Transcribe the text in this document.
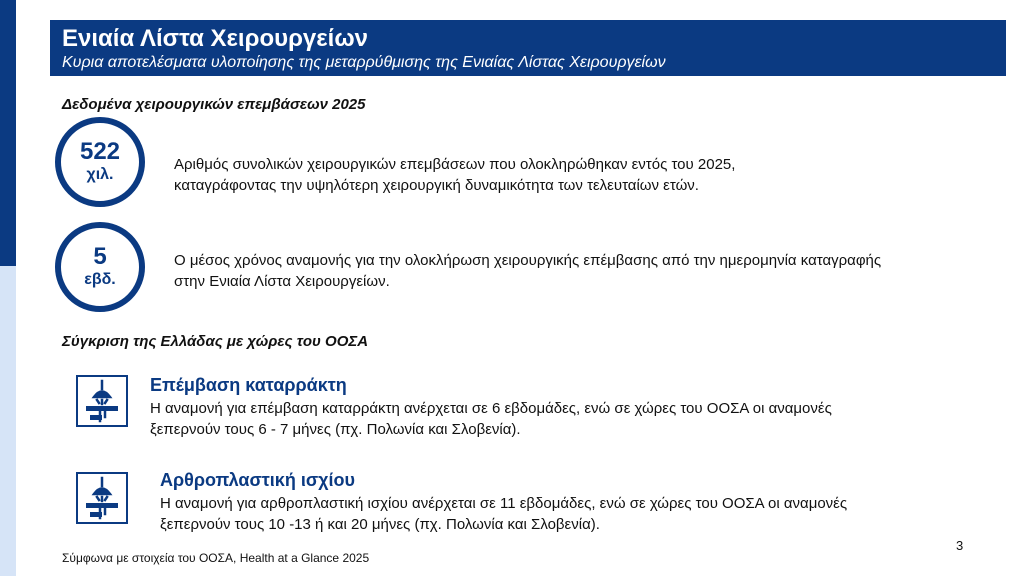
Ενιαία Λίστα Χειρουργείων
Κυρια αποτελέσματα υλοποίησης της μεταρρύθμισης της Ενιαίας Λίστας Χειρουργείων
Δεδομένα χειρουργικών επεμβάσεων 2025
522
χιλ.
Αριθμός συνολικών χειρουργικών επεμβάσεων που ολοκληρώθηκαν εντός του 2025,
καταγράφοντας την υψηλότερη χειρουργική δυναμικότητα των τελευταίων ετών.
5
εβδ.
Ο μέσος χρόνος αναμονής για την ολοκλήρωση χειρουργικής επέμβασης από την ημερομηνία καταγραφής
στην Ενιαία Λίστα Χειρουργείων.
Σύγκριση της Ελλάδας με χώρες του ΟΟΣΑ
Επέμβαση καταρράκτη
Η αναμονή για επέμβαση καταρράκτη ανέρχεται σε 6 εβδομάδες, ενώ σε χώρες του ΟΟΣΑ οι αναμονές
ξεπερνούν τους 6 - 7 μήνες (πχ. Πολωνία και Σλοβενία).
Αρθροπλαστική ισχίου
Η αναμονή για αρθροπλαστική ισχίου ανέρχεται σε 11 εβδομάδες, ενώ σε χώρες του ΟΟΣΑ οι αναμονές
ξεπερνούν τους 10 -13 ή και 20 μήνες (πχ. Πολωνία και Σλοβενία).
Σύμφωνα με στοιχεία του ΟΟΣΑ, Health at a Glance 2025
3
